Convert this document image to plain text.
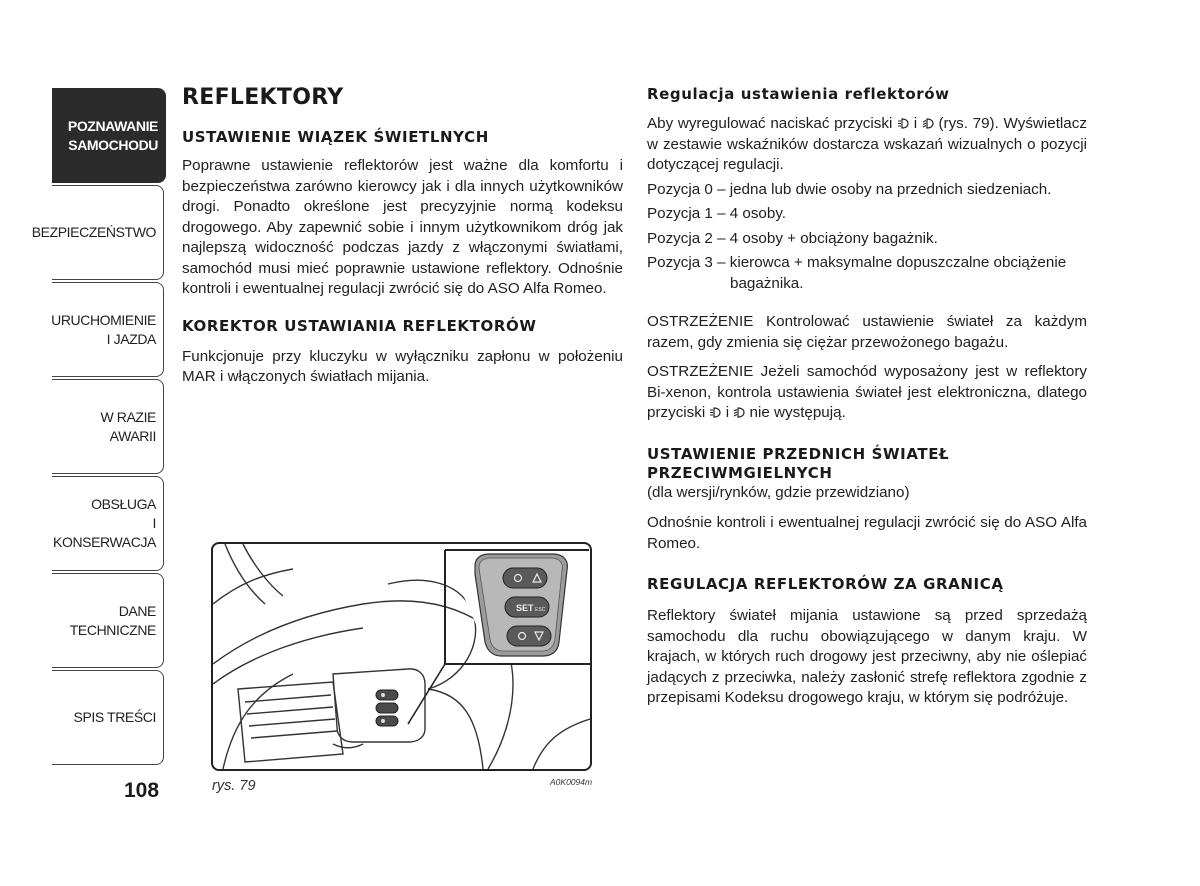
POZNAWANIE
SAMOCHODU
BEZPIECZEŃSTWO
URUCHOMIENIE
I JAZDA
W RAZIE AWARII
OBSŁUGA
I KONSERWACJA
DANE
TECHNICZNE
SPIS TREŚCI
108
REFLEKTORY
USTAWIENIE WIĄZEK ŚWIETLNYCH

Poprawne ustawienie reflektorów jest ważne dla komfortu i bezpieczeństwa zarówno kierowcy jak i dla innych użytkowników drogi. Ponadto określone jest precyzyjnie normą kodeksu drogowego. Aby zapewnić sobie i innym użytkownikom dróg jak najlepszą widoczność podczas jazdy z włączonymi światłami, samochód musi mieć poprawnie ustawione reflektory. Odnośnie kontroli i ewentualnej regulacji zwrócić się do ASO Alfa Romeo.

KOREKTOR USTAWIANIA REFLEKTORÓW

Funkcjonuje przy kluczyku w wyłączniku zapłonu w położeniu MAR i włączonych światłach mijania.

SET ESC
rys. 79	A0K0094m
Regulacja ustawienia reflektorów

Aby wyregulować naciskać przyciski i (rys. 79). Wyświetlacz w zestawie wskaźników dostarcza wskazań wizualnych o pozycji dotyczącej regulacji.

Pozycja 0 – jedna lub dwie osoby na przednich siedzeniach.

Pozycja 1 – 4 osoby.

Pozycja 2 – 4 osoby + obciążony bagażnik.

Pozycja 3 – kierowca + maksymalne dopuszczalne obciążenie bagażnika.

OSTRZEŻENIE Kontrolować ustawienie świateł za każdym razem, gdy zmienia się ciężar przewożonego bagażu.

OSTRZEŻENIE Jeżeli samochód wyposażony jest w reflektory Bi-xenon, kontrola ustawienia świateł jest elektroniczna, dlatego przyciski i nie występują.

USTAWIENIE PRZEDNICH ŚWIATEŁ PRZECIWMGIELNYCH

(dla wersji/rynków, gdzie przewidziano)

Odnośnie kontroli i ewentualnej regulacji zwrócić się do ASO Alfa Romeo.

REGULACJA REFLEKTORÓW ZA GRANICĄ

Reflektory świateł mijania ustawione są przed sprzedażą samochodu dla ruchu obowiązującego w danym kraju. W krajach, w których ruch drogowy jest przeciwny, aby nie oślepiać jadących z przeciwka, należy zasłonić strefę reflektora zgodnie z przepisami Kodeksu drogowego kraju, w którym się podróżuje.
